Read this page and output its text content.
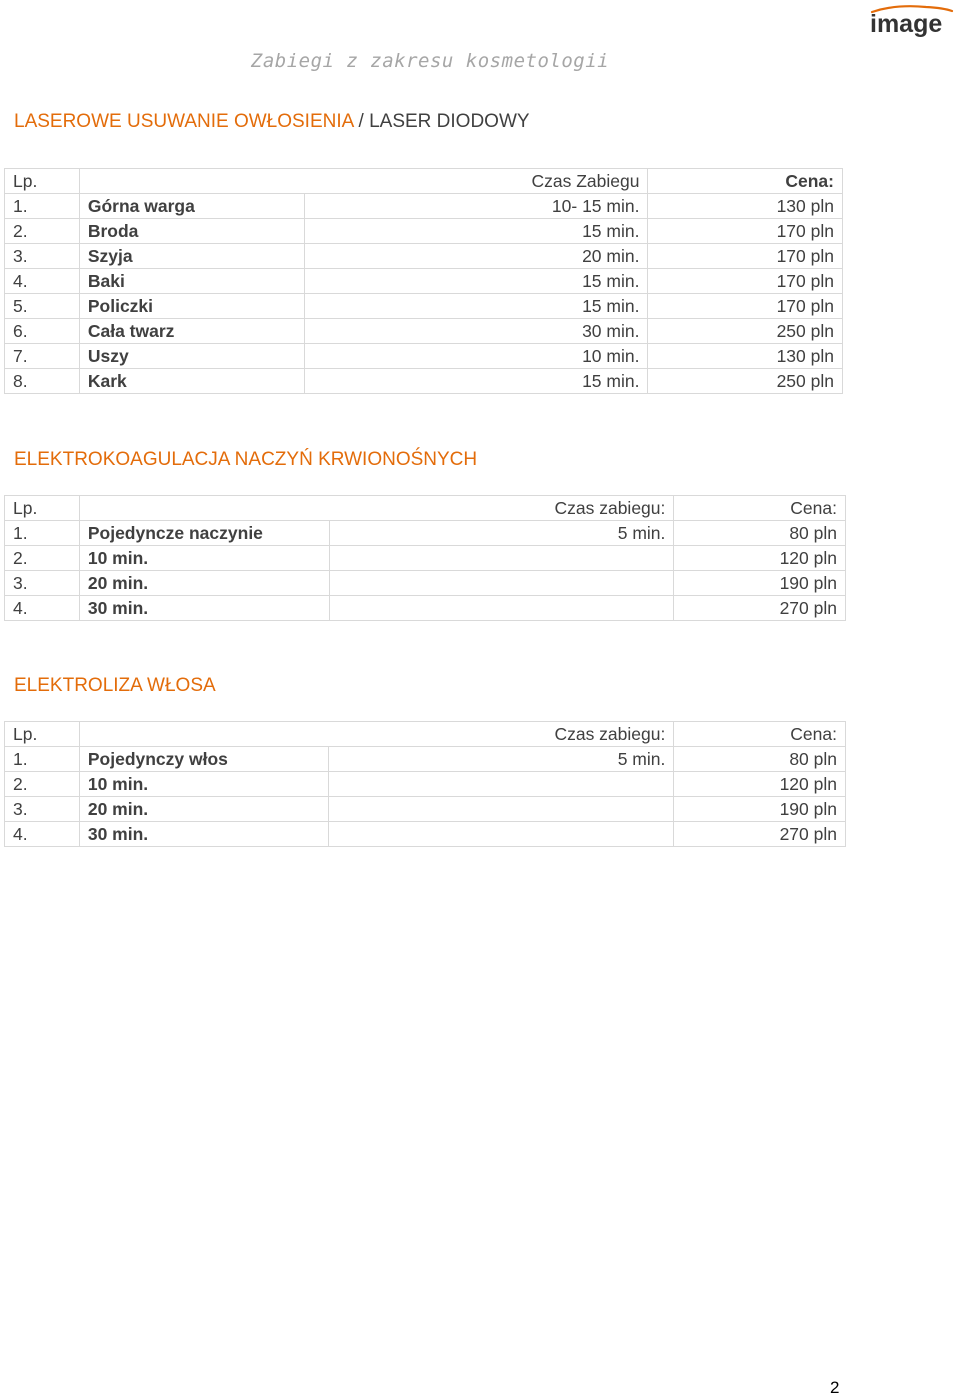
image
Zabiegi z zakresu kosmetologii
LASEROWE USUWANIE OWŁOSIENIA / LASER DIODOWY
Lp.	Czas Zabiegu		Cena:
1.	Górna warga	10- 15 min.	130 pln
2.	Broda	15 min.	170 pln
3.	Szyja	20 min.	170 pln
4.	Baki	15 min.	170 pln
5.	Policzki	15 min.	170 pln
6.	Cała twarz	30 min.	250 pln
7.	Uszy	10 min.	130 pln
8.	Kark	15 min.	250 pln
ELEKTROKOAGULACJA NACZYŃ KRWIONOŚNYCH
Lp.	Czas zabiegu:		Cena:
1.	Pojedyncze naczynie	5 min.	80 pln
2.	10 min.		120 pln
3.	20 min.		190 pln
4.	30 min.		270 pln
ELEKTROLIZA WŁOSA
Lp.	Czas zabiegu:		Cena:
1.	Pojedynczy włos	5 min.	80 pln
2.	10 min.		120 pln
3.	20 min.		190 pln
4.	30 min.		270 pln
2
